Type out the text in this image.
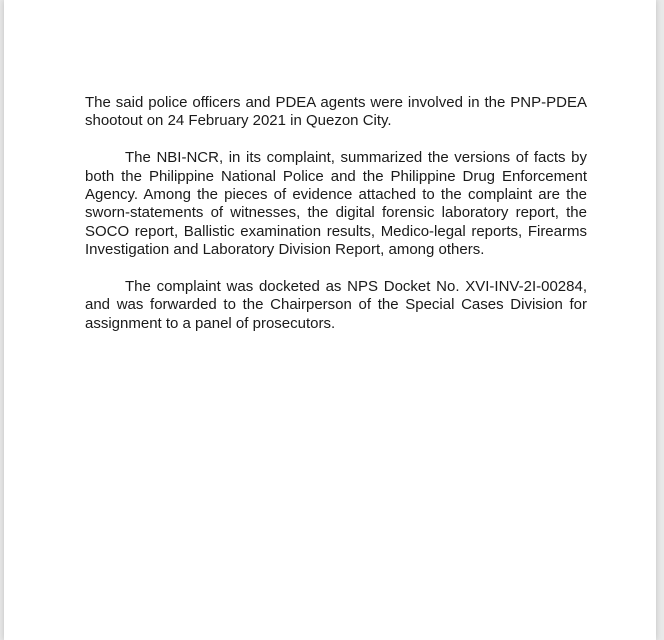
The said police officers and PDEA agents were involved in the PNP-PDEA shootout on 24 February 2021 in Quezon City.

The NBI-NCR, in its complaint, summarized the versions of facts by both the Philippine National Police and the Philippine Drug Enforcement Agency. Among the pieces of evidence attached to the complaint are the sworn-statements of witnesses, the digital forensic laboratory report, the SOCO report, Ballistic examination results, Medico-legal reports, Firearms Investigation and Laboratory Division Report, among others.

The complaint was docketed as NPS Docket No. XVI-INV-2I-00284, and was forwarded to the Chairperson of the Special Cases Division for assignment to a panel of prosecutors.
